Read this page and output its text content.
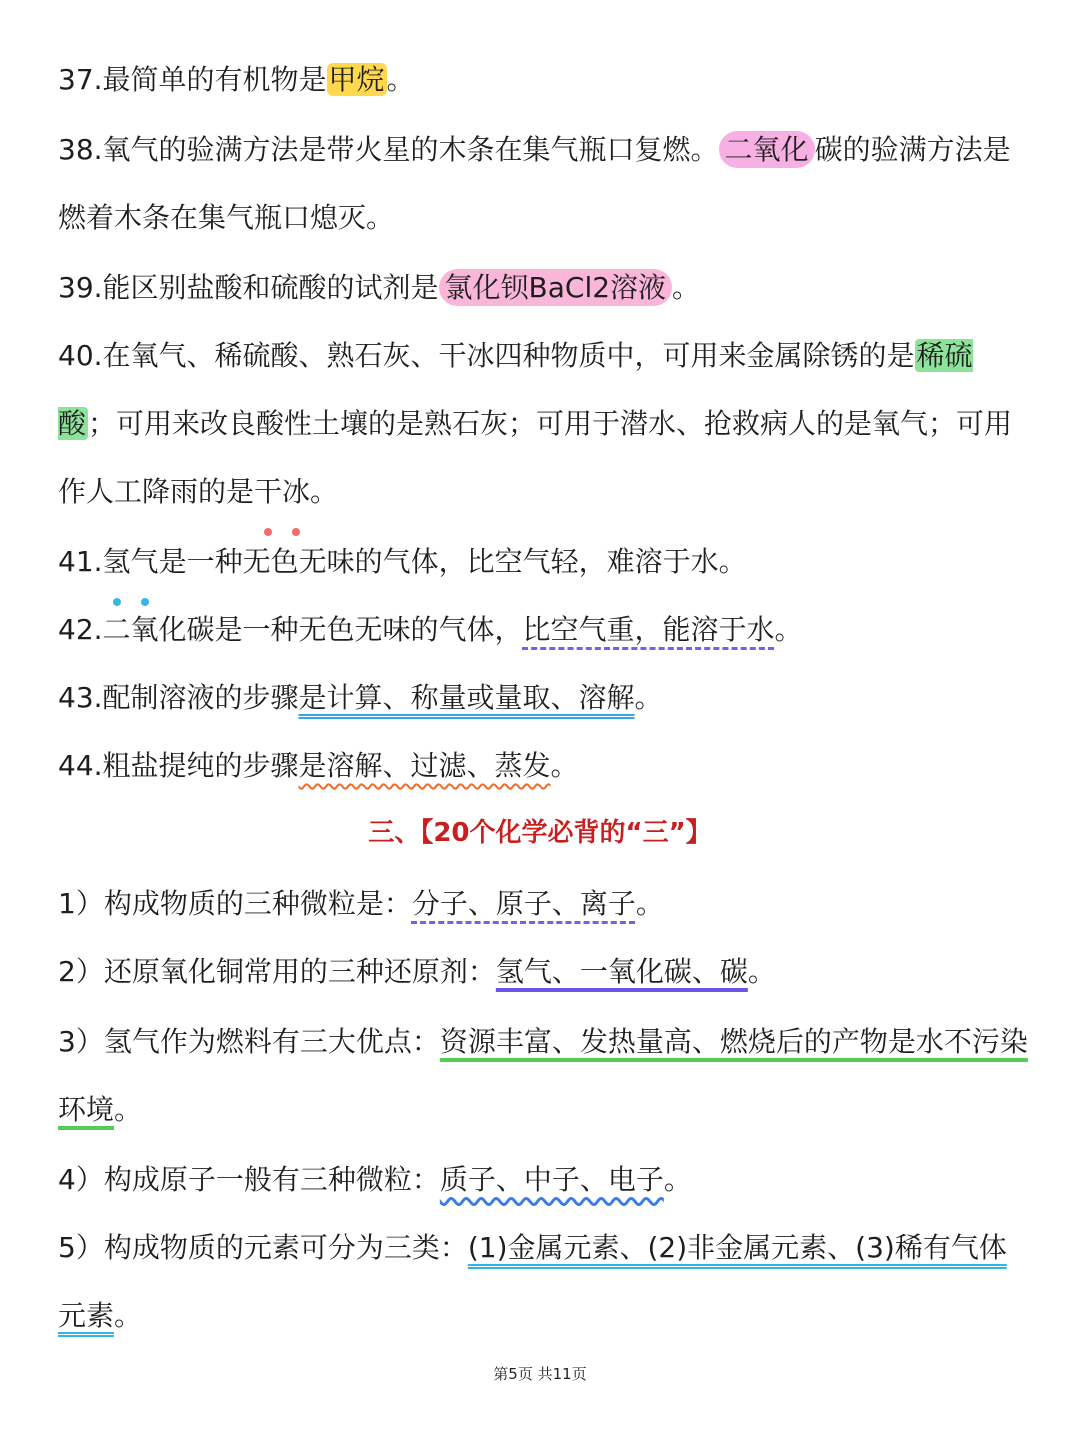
37.最简单的有机物是甲烷。

38.氧气的验满方法是带火星的木条在集气瓶口复燃。 二氧化 碳的验满方法是燃着木条在集气瓶口熄灭。

39.能区别盐酸和硫酸的试剂是 氯化钡BaCl2溶液 。

40.在氧气、稀硫酸、熟石灰、干冰四种物质中，可用来金属除锈的是稀硫酸；可用来改良酸性土壤的是熟石灰；可用于潜水、抢救病人的是氧气；可用作人工降雨的是干冰。

41.氢气是一种无色无味的气体，比空气轻，难溶于水。

42.二氧化碳是一种无色无味的气体，比空气重，能溶于水。

43.配制溶液的步骤是计算、称量或量取、溶解。

44.粗盐提纯的步骤是溶解、过滤、蒸发。

三、【20个化学必背的“三”】

1）构成物质的三种微粒是：分子、原子、离子。

2）还原氧化铜常用的三种还原剂：氢气、一氧化碳、碳。

3）氢气作为燃料有三大优点：资源丰富、发热量高、燃烧后的产物是水不污染环境。

4）构成原子一般有三种微粒：质子、中子、电子。

5）构成物质的元素可分为三类：(1)金属元素、(2)非金属元素、(3)稀有气体元素。

第5页 共11页
